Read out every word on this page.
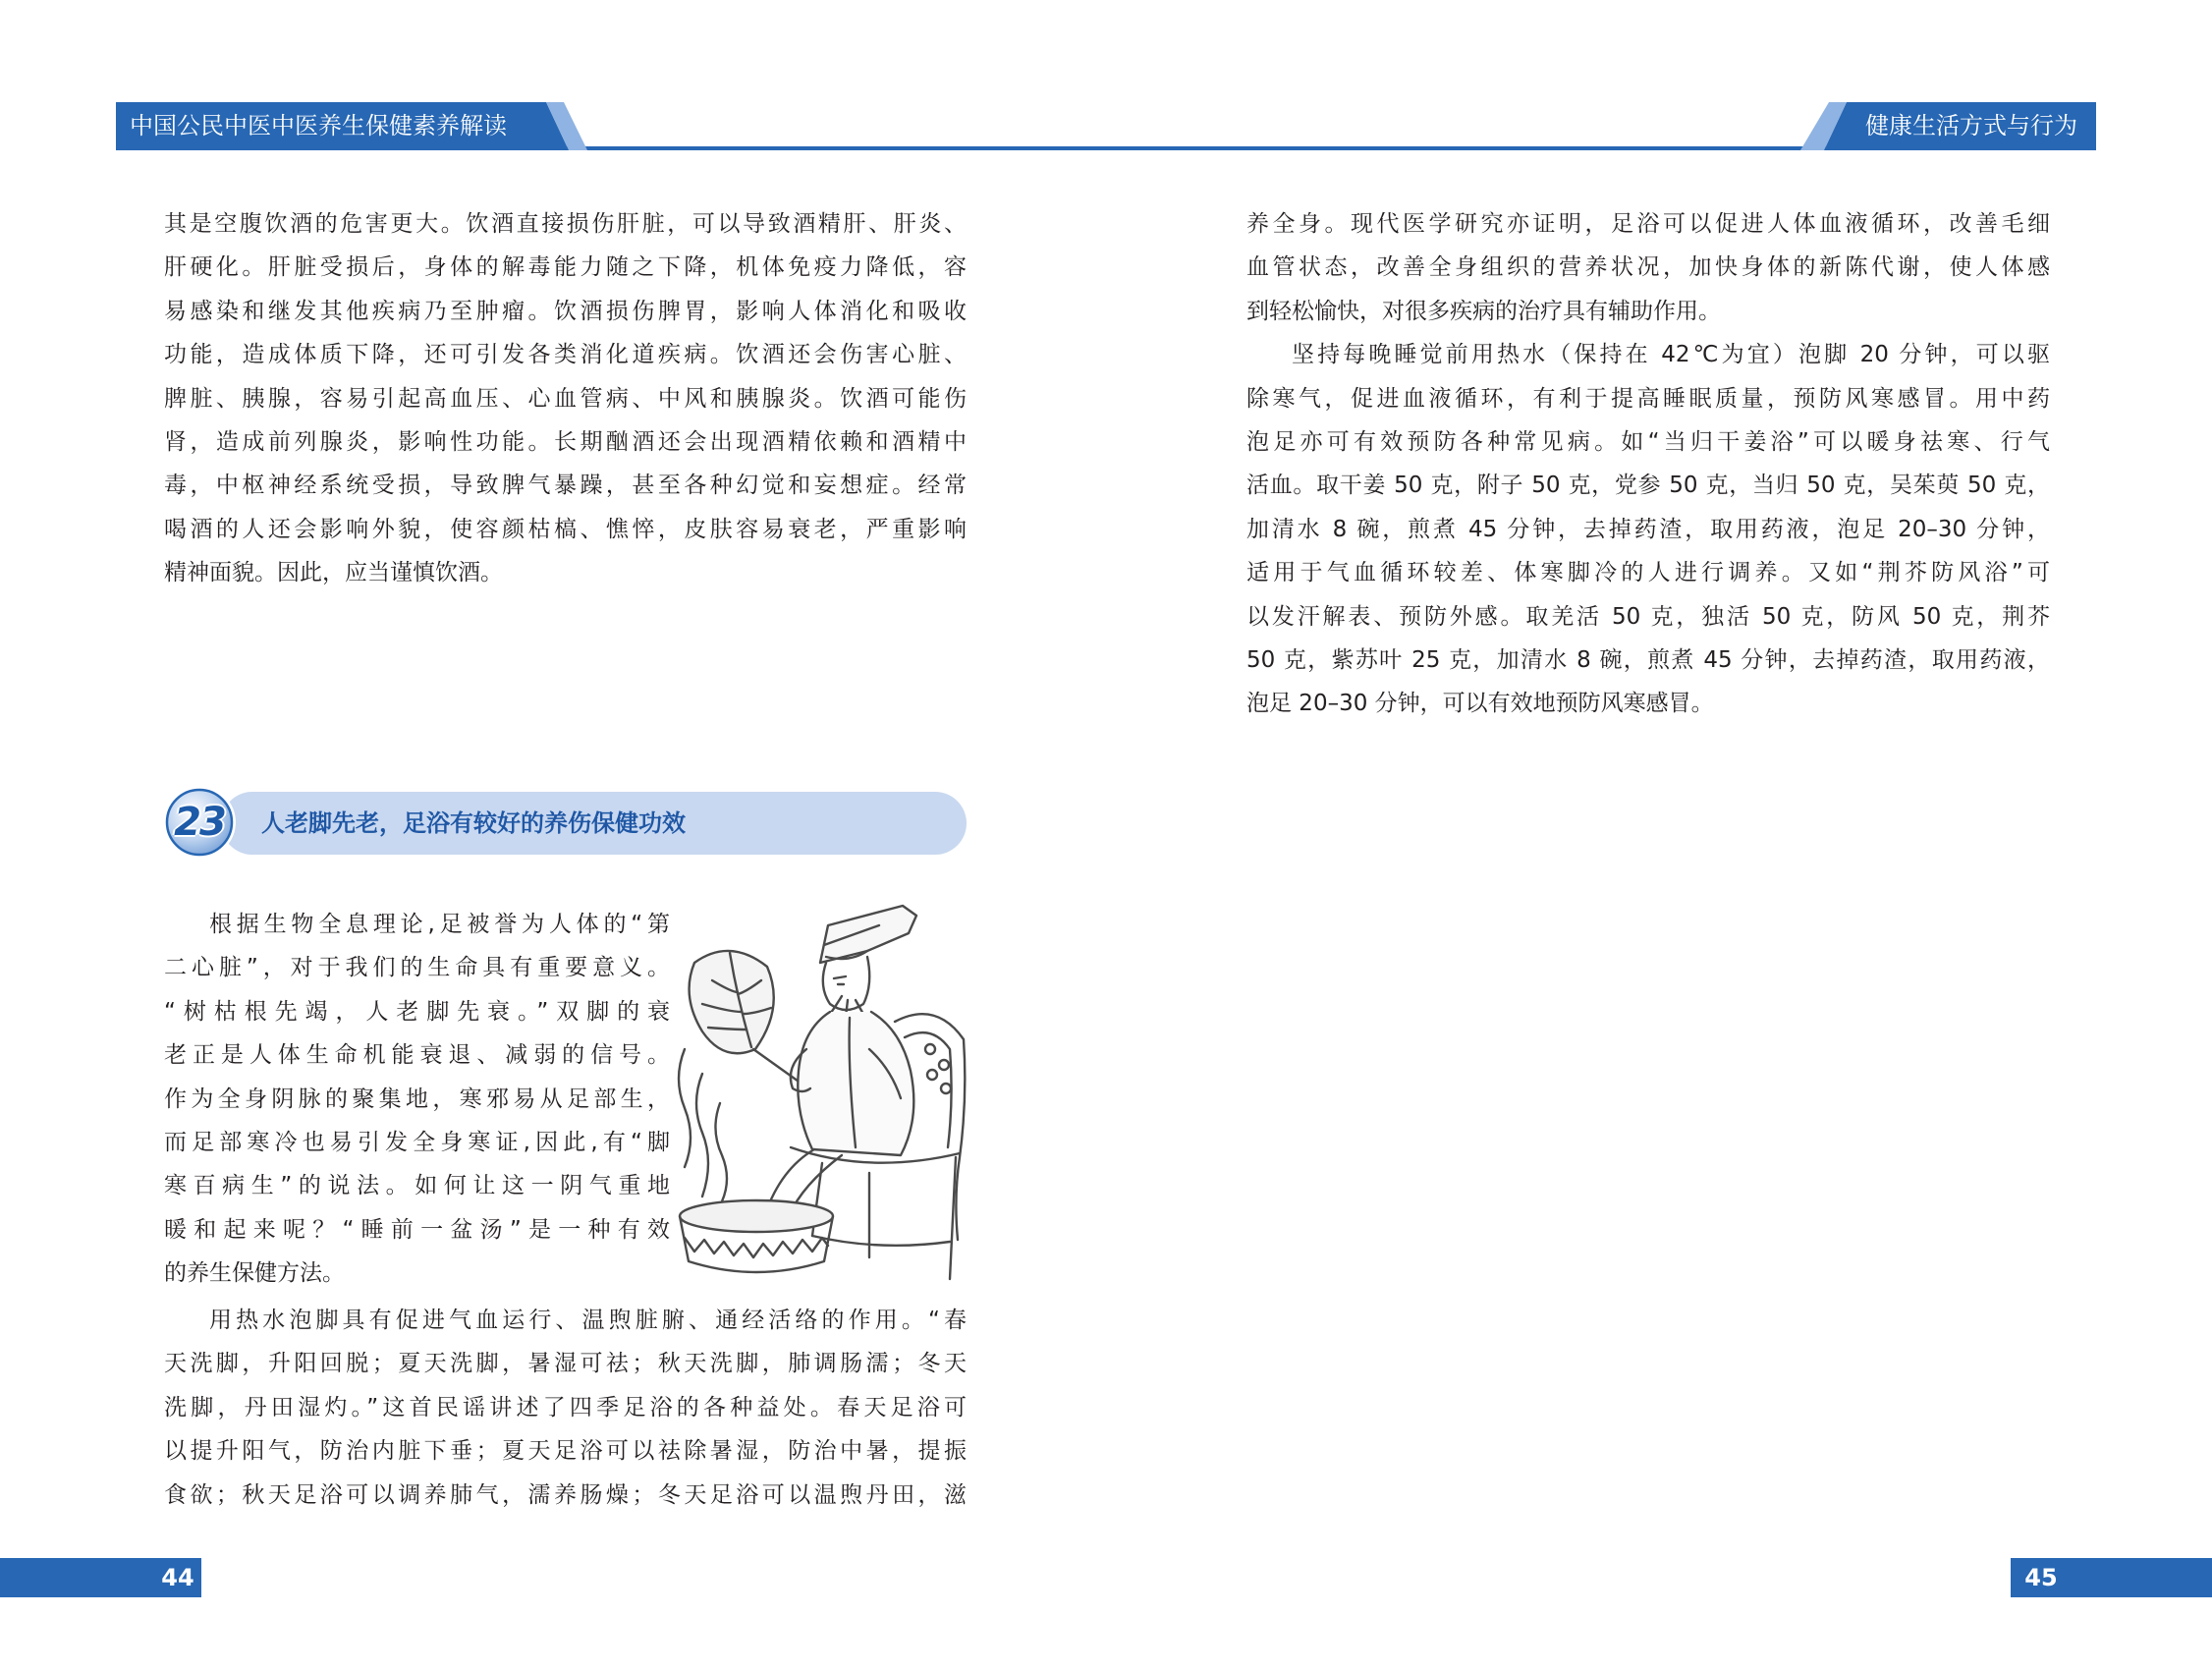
中国公民中医中医养生保健素养解读	健康生活方式与行为
其是空腹饮酒的危害更大。饮酒直接损伤肝脏，可以导致酒精肝、肝炎、
肝硬化。肝脏受损后，身体的解毒能力随之下降，机体免疫力降低，容
易感染和继发其他疾病乃至肿瘤。饮酒损伤脾胃，影响人体消化和吸收
功能，造成体质下降，还可引发各类消化道疾病。饮酒还会伤害心脏、
脾脏、胰腺，容易引起高血压、心血管病、中风和胰腺炎。饮酒可能伤
肾，造成前列腺炎，影响性功能。长期酗酒还会出现酒精依赖和酒精中
毒，中枢神经系统受损，导致脾气暴躁，甚至各种幻觉和妄想症。经常
喝酒的人还会影响外貌，使容颜枯槁、憔悴，皮肤容易衰老，严重影响
精神面貌。因此，应当谨慎饮酒。
23	人老脚先老，足浴有较好的养伤保健功效
根据生物全息理论,足被誉为人体的“第
二心脏”，对于我们的生命具有重要意义。
“树枯根先竭，人老脚先衰。”双脚的衰
老正是人体生命机能衰退、减弱的信号。
作为全身阴脉的聚集地，寒邪易从足部生，
而足部寒冷也易引发全身寒证,因此,有“脚
寒百病生”的说法。如何让这一阴气重地
暖和起来呢？“睡前一盆汤”是一种有效
的养生保健方法。
用热水泡脚具有促进气血运行、温煦脏腑、通经活络的作用。“春
天洗脚，升阳回脱；夏天洗脚，暑湿可祛；秋天洗脚，肺调肠濡；冬天
洗脚，丹田湿灼。”这首民谣讲述了四季足浴的各种益处。春天足浴可
以提升阳气，防治内脏下垂；夏天足浴可以祛除暑湿，防治中暑，提振
食欲；秋天足浴可以调养肺气，濡养肠燥；冬天足浴可以温煦丹田，滋
44
养全身。现代医学研究亦证明，足浴可以促进人体血液循环，改善毛细
血管状态，改善全身组织的营养状况，加快身体的新陈代谢，使人体感
到轻松愉快，对很多疾病的治疗具有辅助作用。
坚持每晚睡觉前用热水（保持在 42℃为宜）泡脚 20 分钟，可以驱
除寒气，促进血液循环，有利于提高睡眠质量，预防风寒感冒。用中药
泡足亦可有效预防各种常见病。如“当归干姜浴”可以暖身祛寒、行气
活血。取干姜 50 克，附子 50 克，党参 50 克，当归 50 克，吴茱萸 50 克，
加清水 8 碗，煎煮 45 分钟，去掉药渣，取用药液，泡足 20–30 分钟，
适用于气血循环较差、体寒脚冷的人进行调养。又如“荆芥防风浴”可
以发汗解表、预防外感。取羌活 50 克，独活 50 克，防风 50 克，荆芥
50 克，紫苏叶 25 克，加清水 8 碗，煎煮 45 分钟，去掉药渣，取用药液，
泡足 20–30 分钟，可以有效地预防风寒感冒。
45
